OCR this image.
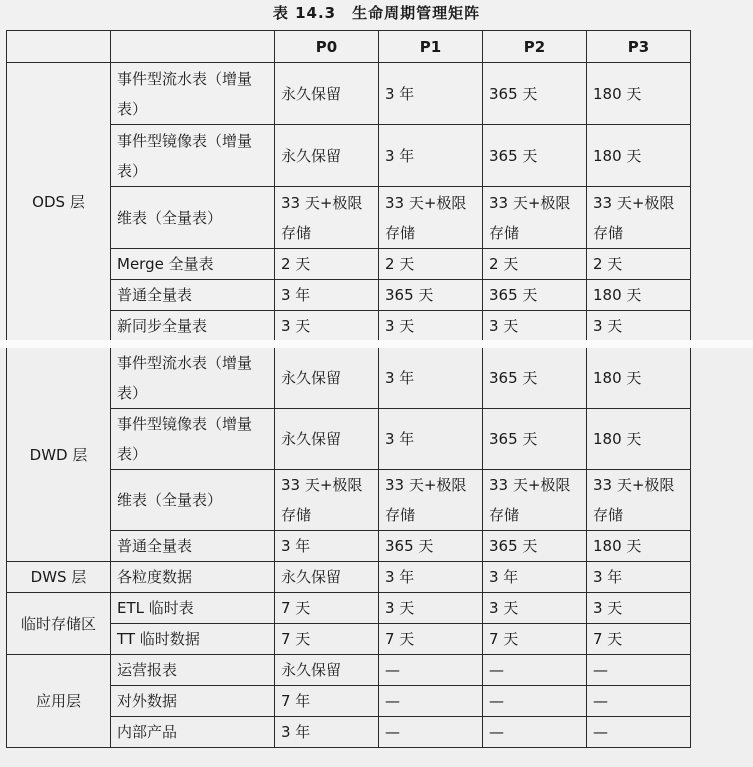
表 14.3　生命周期管理矩阵
		P0	P1	P2	P3
ODS 层	事件型流水表（增量表）	永久保留	3 年	365 天	180 天
	事件型镜像表（增量表）	永久保留	3 年	365 天	180 天
	维表（全量表）	33 天+极限存储	33 天+极限存储	33 天+极限存储	33 天+极限存储
	Merge 全量表	2 天	2 天	2 天	2 天
	普通全量表	3 年	365 天	365 天	180 天
	新同步全量表	3 天	3 天	3 天	3 天
DWD 层	事件型流水表（增量表）	永久保留	3 年	365 天	180 天
	事件型镜像表（增量表）	永久保留	3 年	365 天	180 天
	维表（全量表）	33 天+极限存储	33 天+极限存储	33 天+极限存储	33 天+极限存储
	普通全量表	3 年	365 天	365 天	180 天
DWS 层	各粒度数据	永久保留	3 年	3 年	3 年
临时存储区	ETL 临时表	7 天	3 天	3 天	3 天
	TT 临时数据	7 天	7 天	7 天	7 天
应用层	运营报表	永久保留	—	—	—
	对外数据	7 年	—	—	—
	内部产品	3 年	—	—	—
